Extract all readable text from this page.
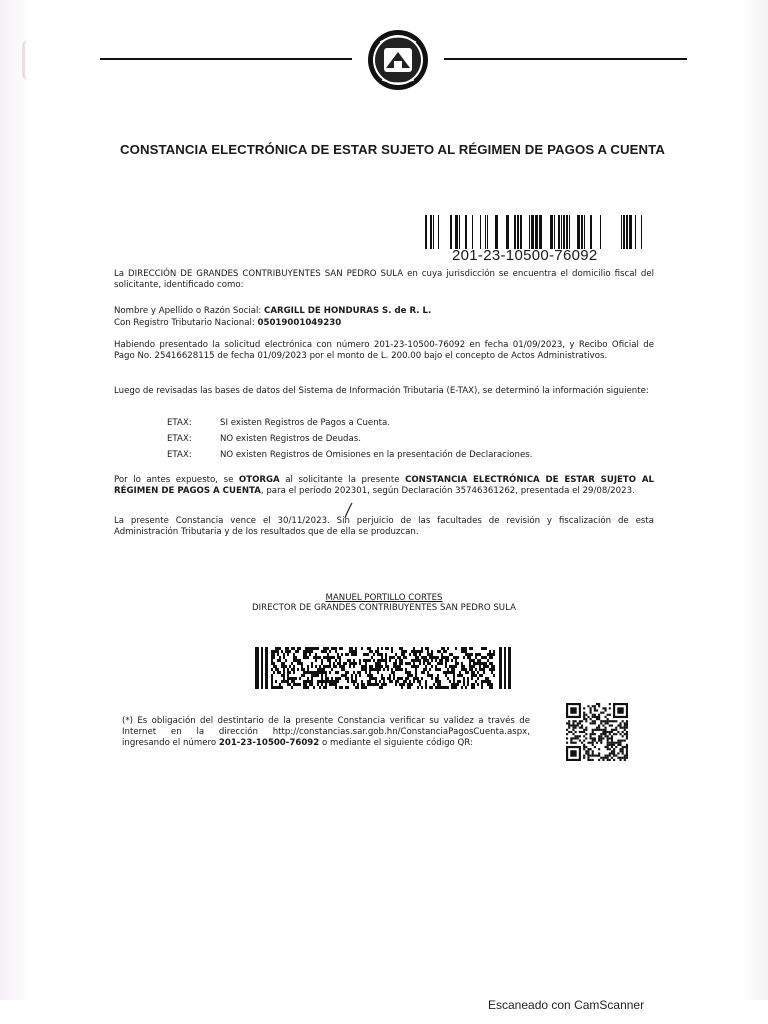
CONSTANCIA ELECTRÓNICA DE ESTAR SUJETO AL RÉGIMEN DE PAGOS A CUENTA
201-23-10500-76092
La DIRECCIÓN DE GRANDES CONTRIBUYENTES SAN PEDRO SULA en cuya jurisdicción se encuentra el domicilio fiscal del solicitante, identificado como:
Nombre y Apellido o Razón Social: CARGILL DE HONDURAS S. de R. L.
Con Registro Tributario Nacional: 05019001049230
Habiendo presentado la solicitud electrónica con número 201-23-10500-76092 en fecha 01/09/2023, y Recibo Oficial de Pago No. 25416628115 de fecha 01/09/2023 por el monto de L. 200.00 bajo el concepto de Actos Administrativos.
Luego de revisadas las bases de datos del Sistema de Información Tributaria (E-TAX), se determinó la información siguiente:
ETAX:	SI existen Registros de Pagos a Cuenta.
ETAX:	NO existen Registros de Deudas.
ETAX:	NO existen Registros de Omisiones en la presentación de Declaraciones.
Por lo antes expuesto, se OTORGA al solicitante la presente CONSTANCIA ELECTRÓNICA DE ESTAR SUJETO AL RÉGIMEN DE PAGOS A CUENTA, para el período 202301, según Declaración 35746361262, presentada el 29/08/2023.
La presente Constancia vence el 30/11/2023. Sin perjuicio de las facultades de revisión y fiscalización de esta Administración Tributaria y de los resultados que de ella se produzcan.
MANUEL PORTILLO CORTES
DIRECTOR DE GRANDES CONTRIBUYENTES SAN PEDRO SULA
(*) Es obligación del destintario de la presente Constancia verificar su validez a través de Internet en la dirección http://constancias.sar.gob.hn/ConstanciaPagosCuenta.aspx, ingresando el número 201-23-10500-76092 o mediante el siguiente código QR:
Escaneado con CamScanner
